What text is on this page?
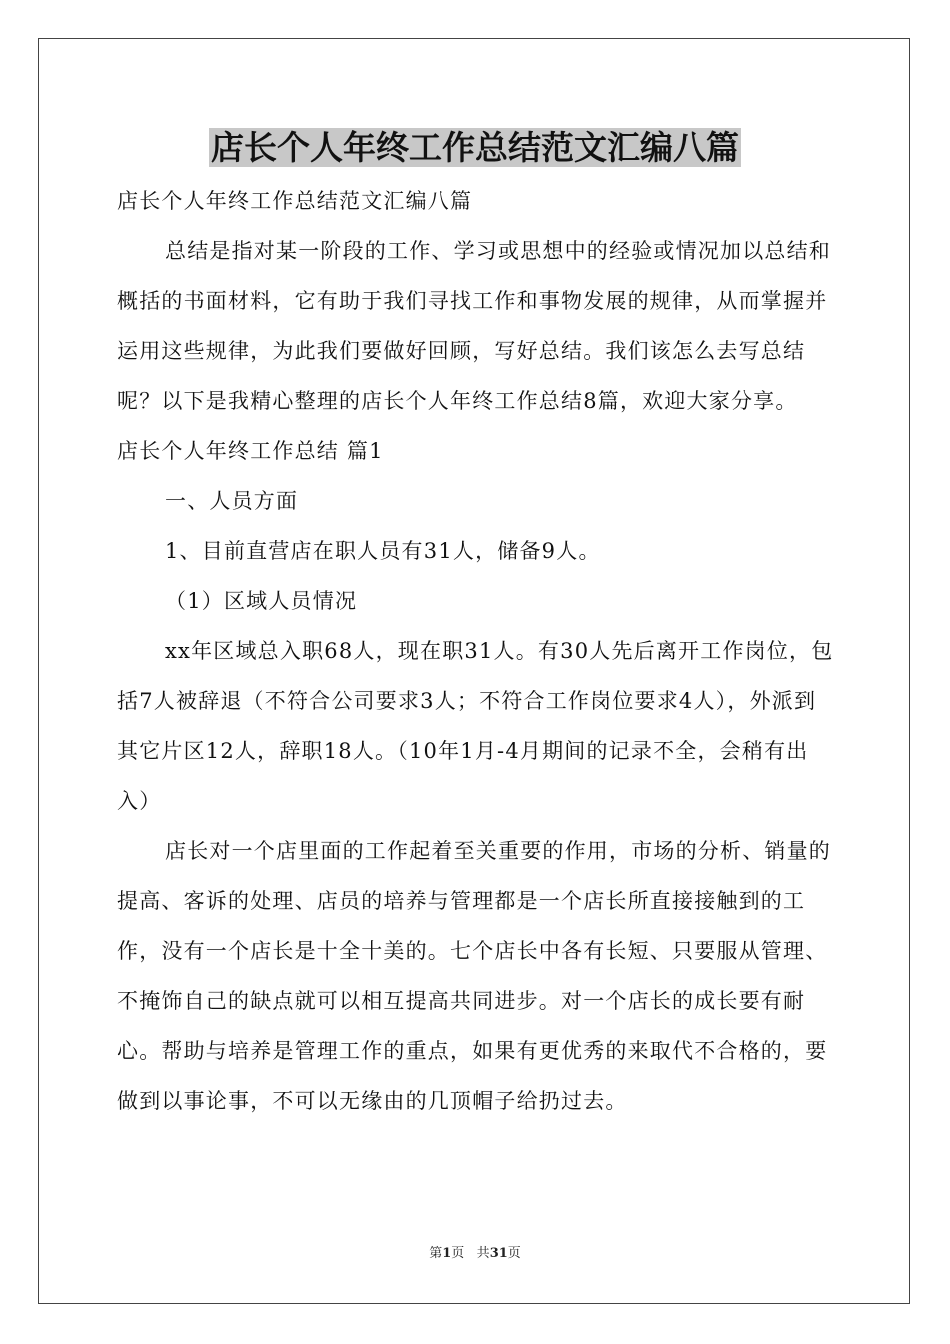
店长个人年终工作总结范文汇编八篇

店长个人年终工作总结范文汇编八篇

总结是指对某一阶段的工作、学习或思想中的经验或情况加以总结和概括的书面材料，它有助于我们寻找工作和事物发展的规律，从而掌握并运用这些规律，为此我们要做好回顾，写好总结。我们该怎么去写总结呢？以下是我精心整理的店长个人年终工作总结8篇，欢迎大家分享。

店长个人年终工作总结 篇1

一、人员方面

1、目前直营店在职人员有31人，储备9人。

（1）区域人员情况

xx年区域总入职68人，现在职31人。有30人先后离开工作岗位，包括7人被辞退（不符合公司要求3人；不符合工作岗位要求4人），外派到其它片区12人，辞职18人。（10年1月-4月期间的记录不全，会稍有出入）

店长对一个店里面的工作起着至关重要的作用，市场的分析、销量的提高、客诉的处理、店员的培养与管理都是一个店长所直接接触到的工作，没有一个店长是十全十美的。七个店长中各有长短、只要服从管理、不掩饰自己的缺点就可以相互提高共同进步。对一个店长的成长要有耐心。帮助与培养是管理工作的重点，如果有更优秀的来取代不合格的，要做到以事论事，不可以无缘由的几顶帽子给扔过去。

第1页 共31页
